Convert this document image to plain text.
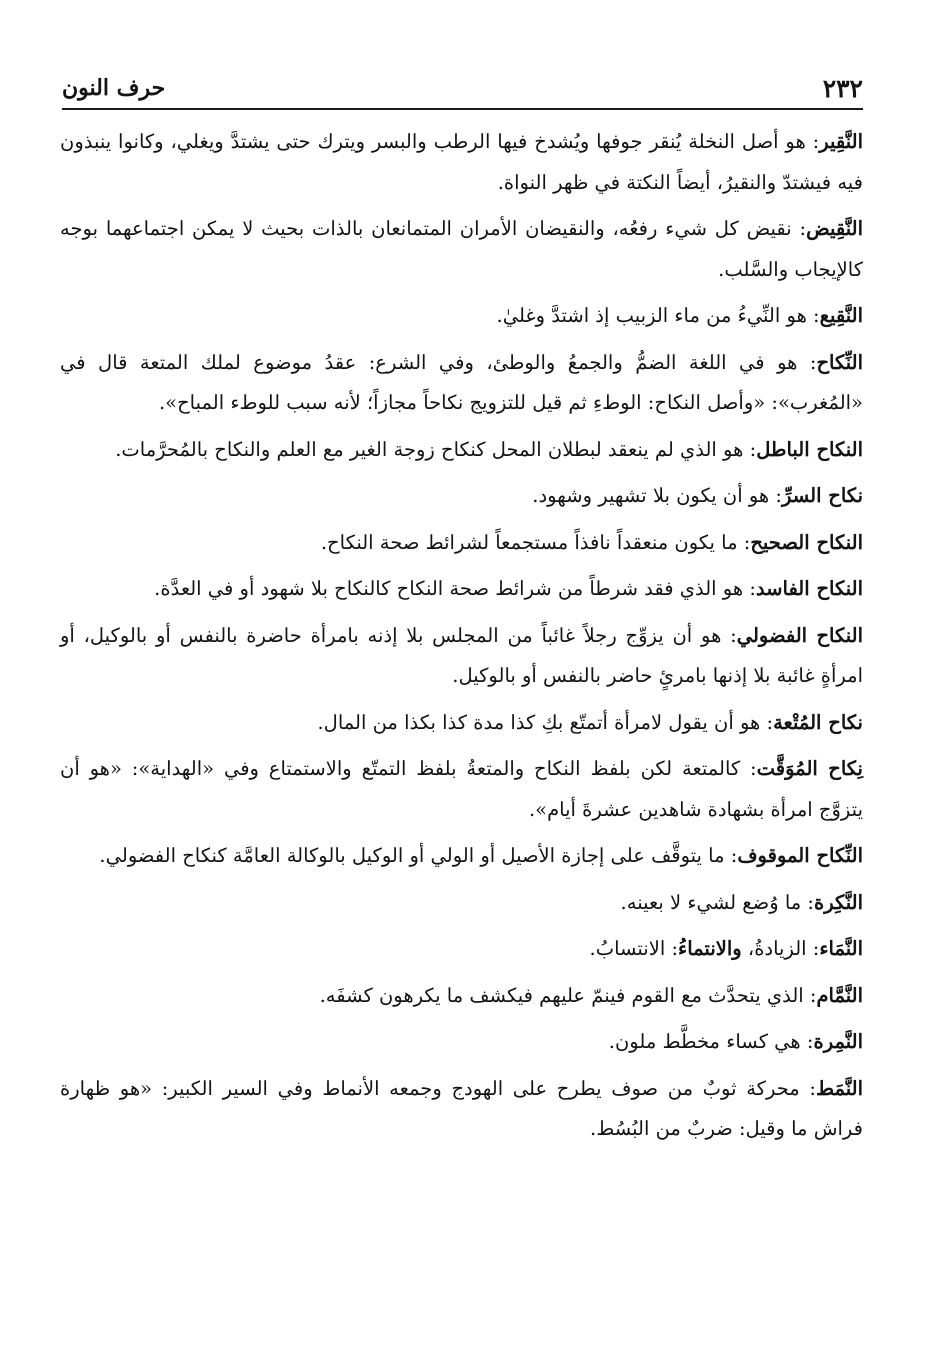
٢٣٢
حرف النون

النَّقِير: هو أصل النخلة يُنقر جوفها ويُشدخ فيها الرطب والبسر ويترك حتى يشتدَّ ويغلي، وكانوا ينبذون فيه فيشتدّ والنقيرُ، أيضاً النكتة في ظهر النواة.

النَّقِيض: نقيض كل شيء رفعُه، والنقيضان الأمران المتمانعان بالذات بحيث لا يمكن اجتماعهما بوجه كالإيجاب والسَّلب.

النَّقِيع: هو النِّيءُ من ماء الزبيب إذ اشتدَّ وغليٰ.

النِّكاح: هو في اللغة الضمُّ والجمعُ والوطئ، وفي الشرع: عقدُ موضوع لملك المتعة قال في «المُغرب»: «وأصل النكاح: الوطءِ ثم قيل للتزويج نكاحاً مجازاً؛ لأنه سبب للوطء المباح».

النكاح الباطل: هو الذي لم ينعقد لبطلان المحل كنكاح زوجة الغير مع العلم والنكاح بالمُحرَّمات.

نكاح السرِّ: هو أن يكون بلا تشهير وشهود.

النكاح الصحيح: ما يكون منعقداً نافذاً مستجمعاً لشرائط صحة النكاح.

النكاح الفاسد: هو الذي فقد شرطاً من شرائط صحة النكاح كالنكاح بلا شهود أو في العدَّة.

النكاح الفضولي: هو أن يزوِّج رجلاً غائباً من المجلس بلا إذنه بامرأة حاضرة بالنفس أو بالوكيل، أو امرأةٍ غائبة بلا إذنها بامرئٍ حاضر بالنفس أو بالوكيل.

نكاح المُتْعة: هو أن يقول لامرأة أتمتّع بكِ كذا مدة كذا بكذا من المال.

نِكاح المُوَقَّت: كالمتعة لكن بلفظ النكاح والمتعةُ بلفظ التمتّع والاستمتاع وفي «الهداية»: «هو أن يتزوَّج امرأة بشهادة شاهدين عشرةَ أيام».

النِّكاح الموقوف: ما يتوقَّف على إجازة الأصيل أو الولي أو الوكيل بالوكالة العامَّة كنكاح الفضولي.

النَّكِرة: ما وُضع لشيء لا بعينه.

النَّمَاء: الزيادةُ، والانتماءُ: الانتسابُ.

النَّمَّام: الذي يتحدَّث مع القوم فينمّ عليهم فيكشف ما يكرهون كشفَه.

النَّمِرة: هي كساء مخطَّط ملون.

النَّمَط: محركة ثوبٌ من صوف يطرح على الهودج وجمعه الأنماط وفي السير الكبير: «هو ظهارة فراش ما وقيل: ضربٌ من البُسُط.
